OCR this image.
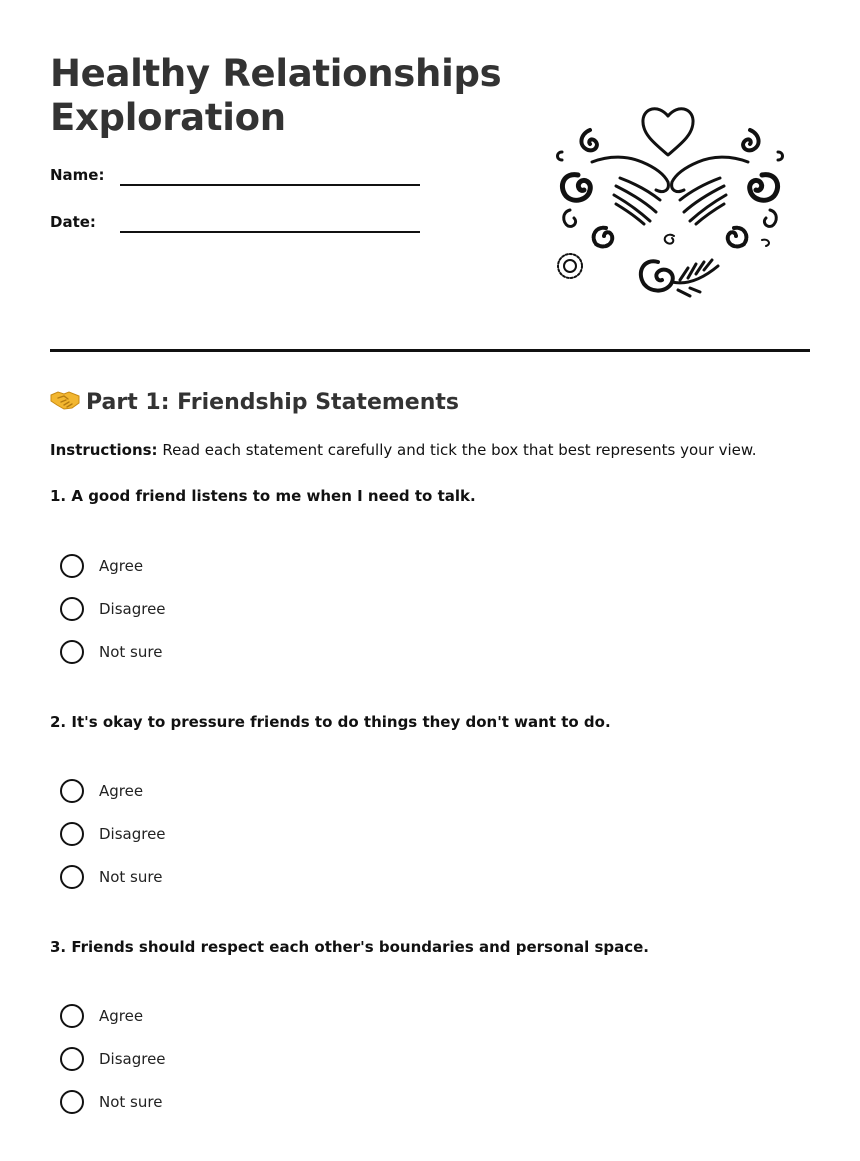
Healthy Relationships
Exploration
Name:
Date:
Part 1: Friendship Statements
Instructions: Read each statement carefully and tick the box that best represents your view.
1. A good friend listens to me when I need to talk.
Agree
Disagree
Not sure
2. It's okay to pressure friends to do things they don't want to do.
Agree
Disagree
Not sure
3. Friends should respect each other's boundaries and personal space.
Agree
Disagree
Not sure
